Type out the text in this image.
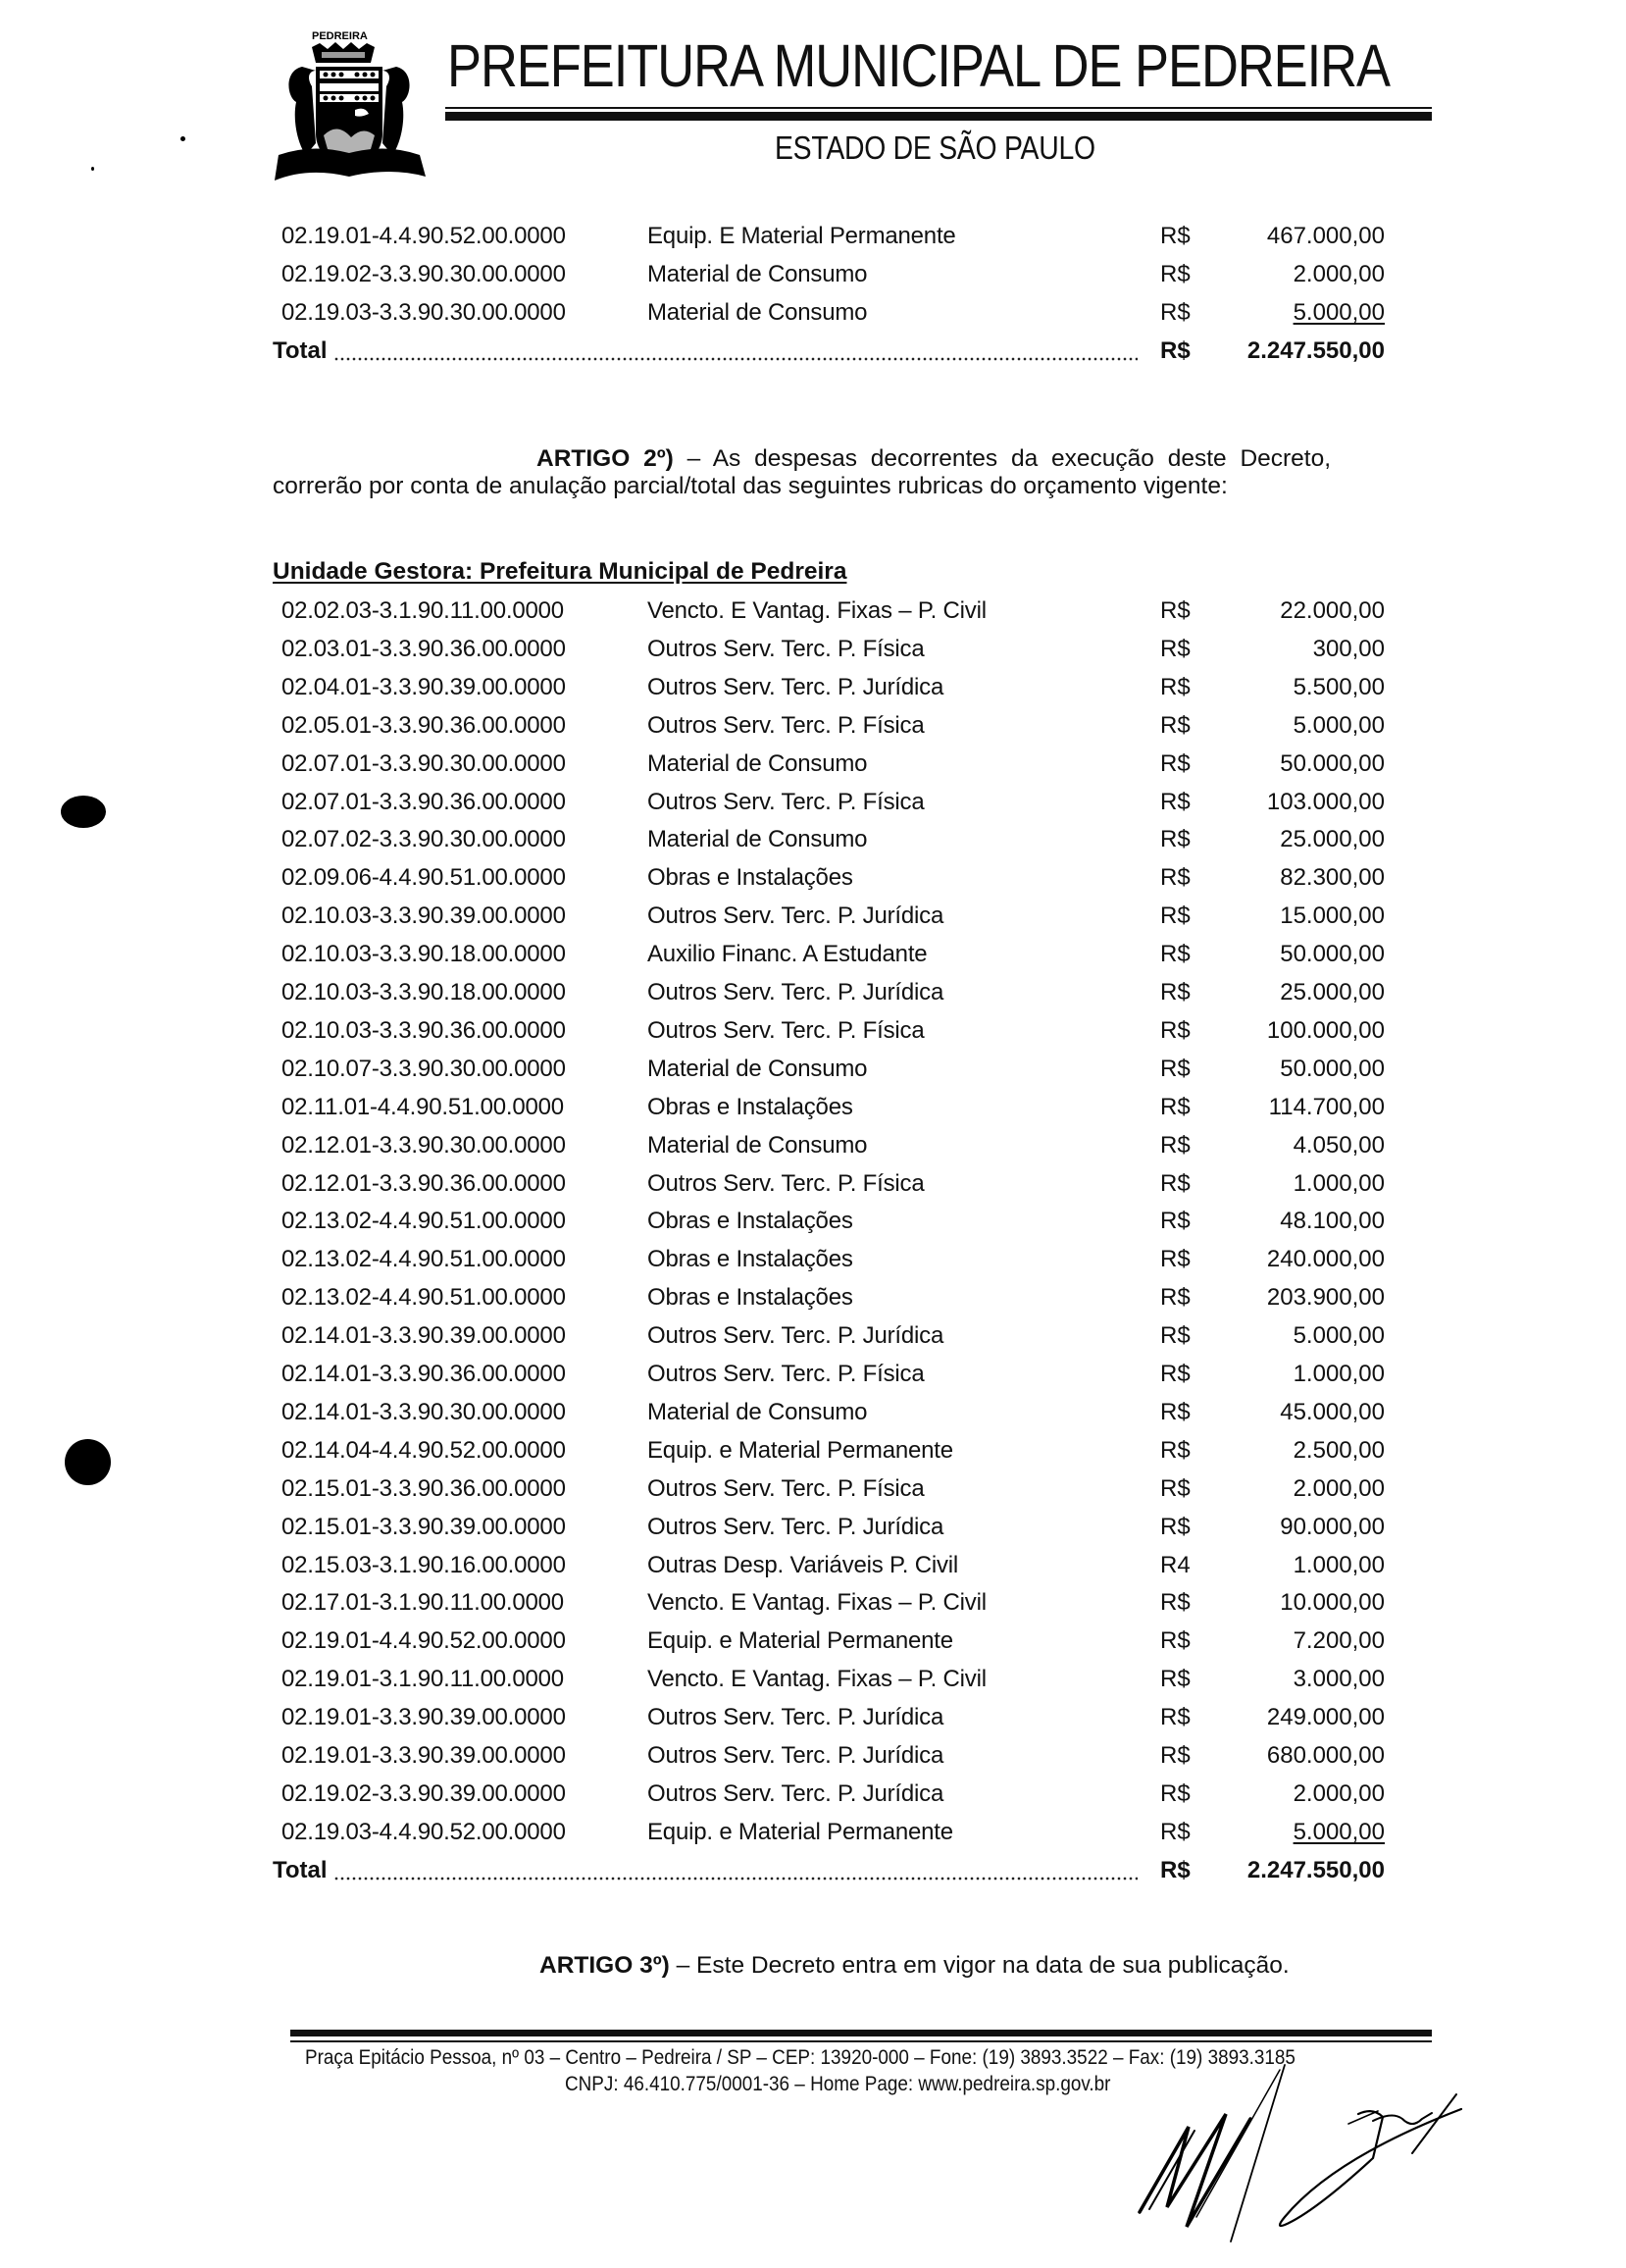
PEDREIRA PREFEITURA MUNICIPAL DE PEDREIRA
ESTADO DE SÃO PAULO
02.19.01-4.4.90.52.00.0000	Equip. E Material Permanente	R$	467.000,00
02.19.02-3.3.90.30.00.0000	Material de Consumo	R$	2.000,00
02.19.03-3.3.90.30.00.0000	Material de Consumo	R$	5.000,00
Total	R$ 2.247.550,00
ARTIGO 2º) – As despesas decorrentes da execução deste Decreto,
correrão por conta de anulação parcial/total das seguintes rubricas do orçamento vigente:
Unidade Gestora: Prefeitura Municipal de Pedreira
02.02.03-3.1.90.11.00.0000	Vencto. E Vantag. Fixas – P. Civil	R$	22.000,00
02.03.01-3.3.90.36.00.0000	Outros Serv. Terc. P. Física	R$	300,00
02.04.01-3.3.90.39.00.0000	Outros Serv. Terc. P. Jurídica	R$	5.500,00
02.05.01-3.3.90.36.00.0000	Outros Serv. Terc. P. Física	R$	5.000,00
02.07.01-3.3.90.30.00.0000	Material de Consumo	R$	50.000,00
02.07.01-3.3.90.36.00.0000	Outros Serv. Terc. P. Física	R$	103.000,00
02.07.02-3.3.90.30.00.0000	Material de Consumo	R$	25.000,00
02.09.06-4.4.90.51.00.0000	Obras e Instalações	R$	82.300,00
02.10.03-3.3.90.39.00.0000	Outros Serv. Terc. P. Jurídica	R$	15.000,00
02.10.03-3.3.90.18.00.0000	Auxilio Financ. A Estudante	R$	50.000,00
02.10.03-3.3.90.18.00.0000	Outros Serv. Terc. P. Jurídica	R$	25.000,00
02.10.03-3.3.90.36.00.0000	Outros Serv. Terc. P. Física	R$	100.000,00
02.10.07-3.3.90.30.00.0000	Material de Consumo	R$	50.000,00
02.11.01-4.4.90.51.00.0000	Obras e Instalações	R$	114.700,00
02.12.01-3.3.90.30.00.0000	Material de Consumo	R$	4.050,00
02.12.01-3.3.90.36.00.0000	Outros Serv. Terc. P. Física	R$	1.000,00
02.13.02-4.4.90.51.00.0000	Obras e Instalações	R$	48.100,00
02.13.02-4.4.90.51.00.0000	Obras e Instalações	R$	240.000,00
02.13.02-4.4.90.51.00.0000	Obras e Instalações	R$	203.900,00
02.14.01-3.3.90.39.00.0000	Outros Serv. Terc. P. Jurídica	R$	5.000,00
02.14.01-3.3.90.36.00.0000	Outros Serv. Terc. P. Física	R$	1.000,00
02.14.01-3.3.90.30.00.0000	Material de Consumo	R$	45.000,00
02.14.04-4.4.90.52.00.0000	Equip. e Material Permanente	R$	2.500,00
02.15.01-3.3.90.36.00.0000	Outros Serv. Terc. P. Física	R$	2.000,00
02.15.01-3.3.90.39.00.0000	Outros Serv. Terc. P. Jurídica	R$	90.000,00
02.15.03-3.1.90.16.00.0000	Outras Desp. Variáveis P. Civil	R4	1.000,00
02.17.01-3.1.90.11.00.0000	Vencto. E Vantag. Fixas – P. Civil	R$	10.000,00
02.19.01-4.4.90.52.00.0000	Equip. e Material Permanente	R$	7.200,00
02.19.01-3.1.90.11.00.0000	Vencto. E Vantag. Fixas – P. Civil	R$	3.000,00
02.19.01-3.3.90.39.00.0000	Outros Serv. Terc. P. Jurídica	R$	249.000,00
02.19.01-3.3.90.39.00.0000	Outros Serv. Terc. P. Jurídica	R$	680.000,00
02.19.02-3.3.90.39.00.0000	Outros Serv. Terc. P. Jurídica	R$	2.000,00
02.19.03-4.4.90.52.00.0000	Equip. e Material Permanente	R$	5.000,00
Total	R$ 2.247.550,00
ARTIGO 3º) – Este Decreto entra em vigor na data de sua publicação.
Praça Epitácio Pessoa, nº 03 – Centro – Pedreira / SP – CEP: 13920-000 – Fone: (19) 3893.3522 – Fax: (19) 3893.3185
CNPJ: 46.410.775/0001-36 – Home Page: www.pedreira.sp.gov.br
